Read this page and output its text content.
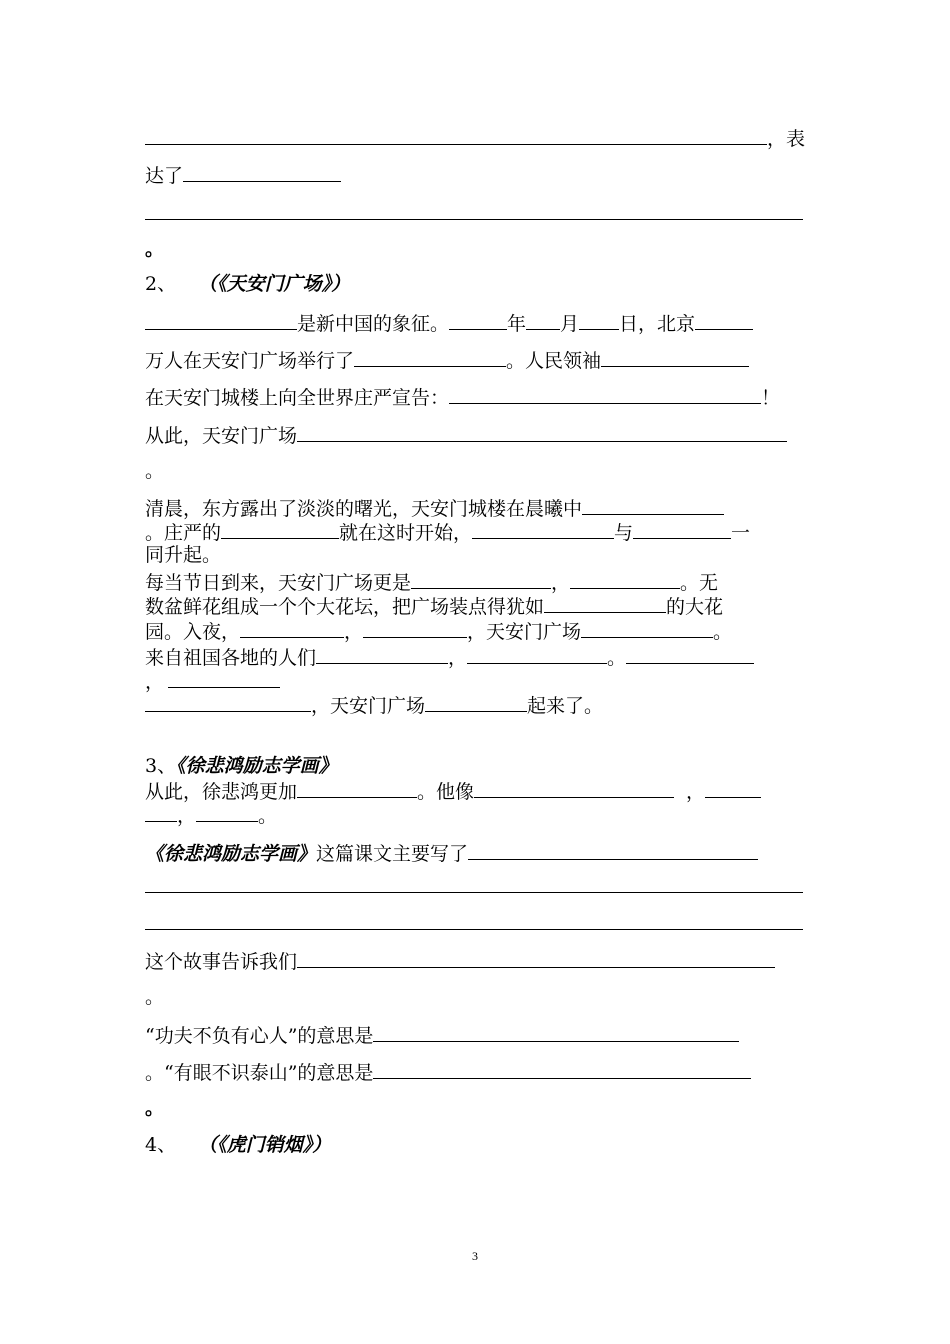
，表
达了
。
2、 （《天安门广场》）
是新中国的象征。	年 月 日，北京
万人在天安门广场举行了	。人民领袖
在天安门城楼上向全世界庄严宣告：	！
从此，天安门广场
。
清晨，东方露出了淡淡的曙光，天安门城楼在晨曦中
。庄严的	就在这时开始，	与	一
同升起。
每当节日到来，天安门广场更是	，	。无
数盆鲜花组成一个个大花坛，把广场装点得犹如	的大花
园。入夜，	，	，天安门广场	。
来自祖国各地的人们	，	。
，
，天安门广场	起来了。
3、《徐悲鸿励志学画》
从此，徐悲鸿更加	。他像	，
，	。
《徐悲鸿励志学画》这篇课文主要写了
这个故事告诉我们
。
“功夫不负有心人”的意思是
。“有眼不识泰山”的意思是
。
4、 （《虎门销烟》）
3
